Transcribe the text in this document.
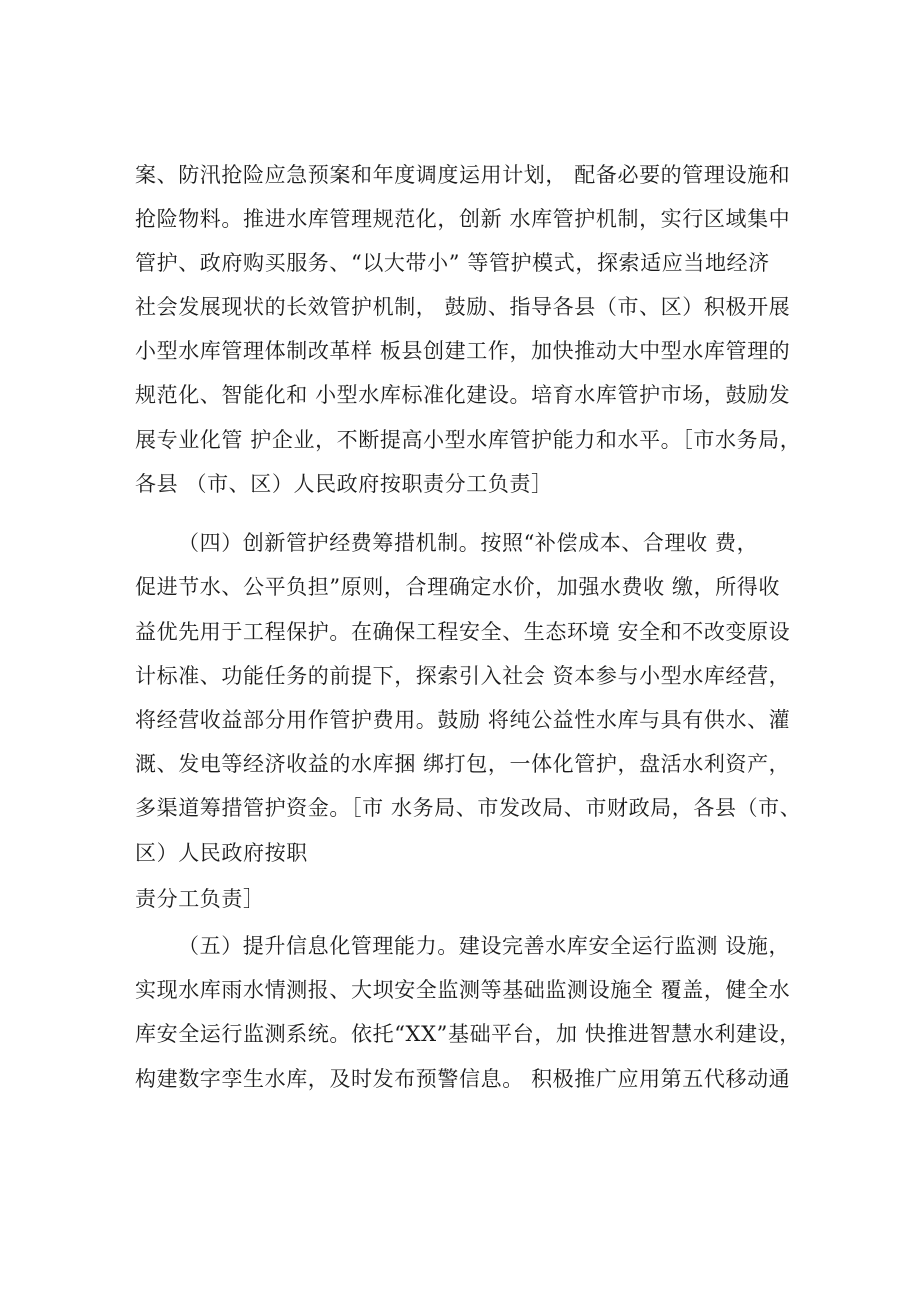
案、防汛抢险应急预案和年度调度运用计划， 配备必要的管理设施和
抢险物料。推进水库管理规范化，创新 水库管护机制，实行区域集中
管护、政府购买服务、“以大带小” 等管护模式，探索适应当地经济
社会发展现状的长效管护机制， 鼓励、指导各县（市、区）积极开展
小型水库管理体制改革样 板县创建工作，加快推动大中型水库管理的
规范化、智能化和 小型水库标准化建设。培育水库管护市场，鼓励发
展专业化管 护企业，不断提高小型水库管护能力和水平。［市水务局，
各县 （市、区）人民政府按职责分工负责］
（四）创新管护经费筹措机制。按照“补偿成本、合理收 费，
促进节水、公平负担”原则，合理确定水价，加强水费收 缴，所得收
益优先用于工程保护。在确保工程安全、生态环境 安全和不改变原设
计标准、功能任务的前提下，探索引入社会 资本参与小型水库经营，
将经营收益部分用作管护费用。鼓励 将纯公益性水库与具有供水、灌
溉、发电等经济收益的水库捆 绑打包，一体化管护，盘活水利资产，
多渠道筹措管护资金。［市 水务局、市发改局、市财政局，各县（市、
区）人民政府按职
责分工负责］
（五）提升信息化管理能力。建设完善水库安全运行监测 设施，
实现水库雨水情测报、大坝安全监测等基础监测设施全 覆盖，健全水
库安全运行监测系统。依托“XX”基础平台，加 快推进智慧水利建设，
构建数字孪生水库，及时发布预警信息。 积极推广应用第五代移动通
